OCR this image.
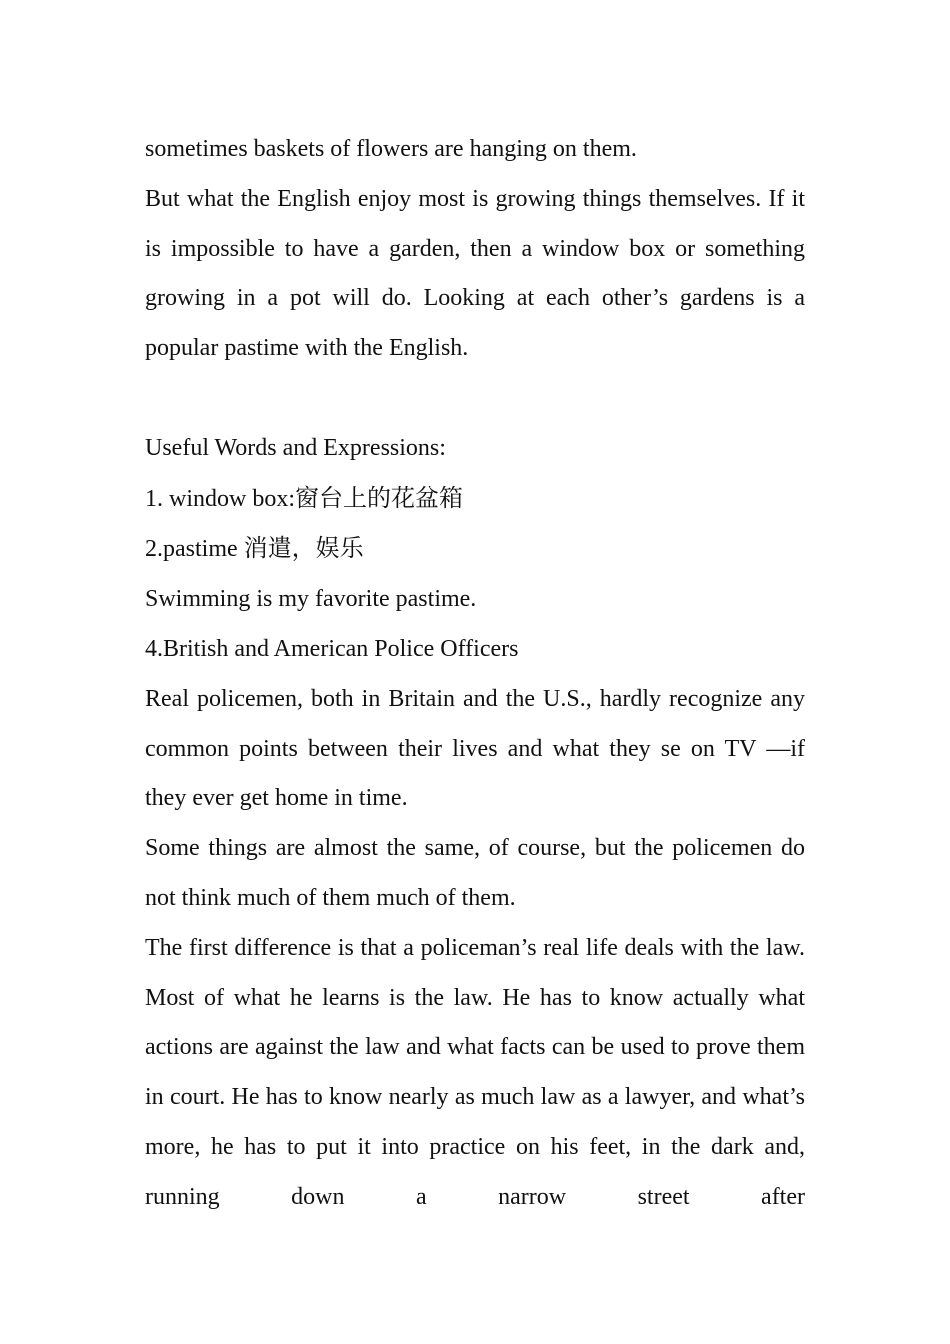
sometimes baskets of flowers are hanging on them.

But what the English enjoy most is growing things themselves. If it is impossible to have a garden, then a window box or something growing in a pot will do. Looking at each other’s gardens is a popular pastime with the English.

Useful Words and Expressions:

1. window box:窗台上的花盆箱

2.pastime 消遣，娱乐

Swimming is my favorite pastime.

4.British and American Police Officers

Real policemen, both in Britain and the U.S., hardly recognize any common points between their lives and what they se on TV —if they ever get home in time.

Some things are almost the same, of course, but the policemen do not think much of them much of them.

The first difference is that a policeman’s real life deals with the law. Most of what he learns is the law. He has to know actually what actions are against the law and what facts can be used to prove them in court. He has to know nearly as much law as a lawyer, and what’s more, he has to put it into practice on his feet, in the dark and, running down a narrow street after
